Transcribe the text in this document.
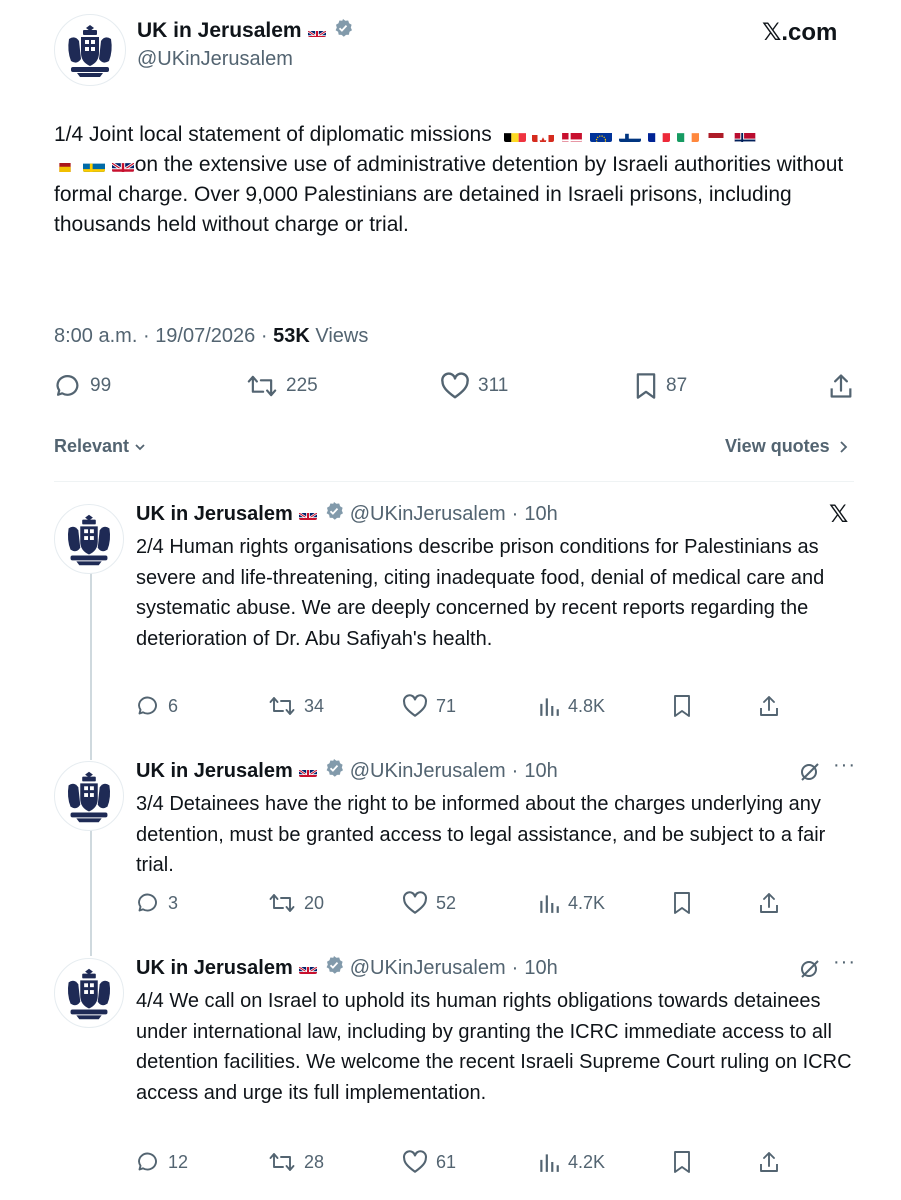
UK in Jerusalem
@UKinJerusalem
𝕏.com
1/4 Joint local statement of diplomatic missions
on the extensive use of administrative detention by Israeli authorities without formal charge. Over 9,000 Palestinians are detained in Israeli prisons, including thousands held without charge or trial.
8:00 a.m. · 19/07/2026 · 53K Views
99	225	311	87
Relevant	View quotes
UK in Jerusalem	@UKinJerusalem · 10h	𝕏
2/4 Human rights organisations describe prison conditions for Palestinians as severe and life-threatening, citing inadequate food, denial of medical care and systematic abuse. We are deeply concerned by recent reports regarding the deterioration of Dr. Abu Safiyah's health.
6	34	71	4.8K
UK in Jerusalem	@UKinJerusalem · 10h	···
3/4 Detainees have the right to be informed about the charges underlying any detention, must be granted access to legal assistance, and be subject to a fair trial.
3	20	52	4.7K
UK in Jerusalem	@UKinJerusalem · 10h	···
4/4 We call on Israel to uphold its human rights obligations towards detainees under international law, including by granting the ICRC immediate access to all detention facilities. We welcome the recent Israeli Supreme Court ruling on ICRC access and urge its full implementation.
12	28	61	4.2K
